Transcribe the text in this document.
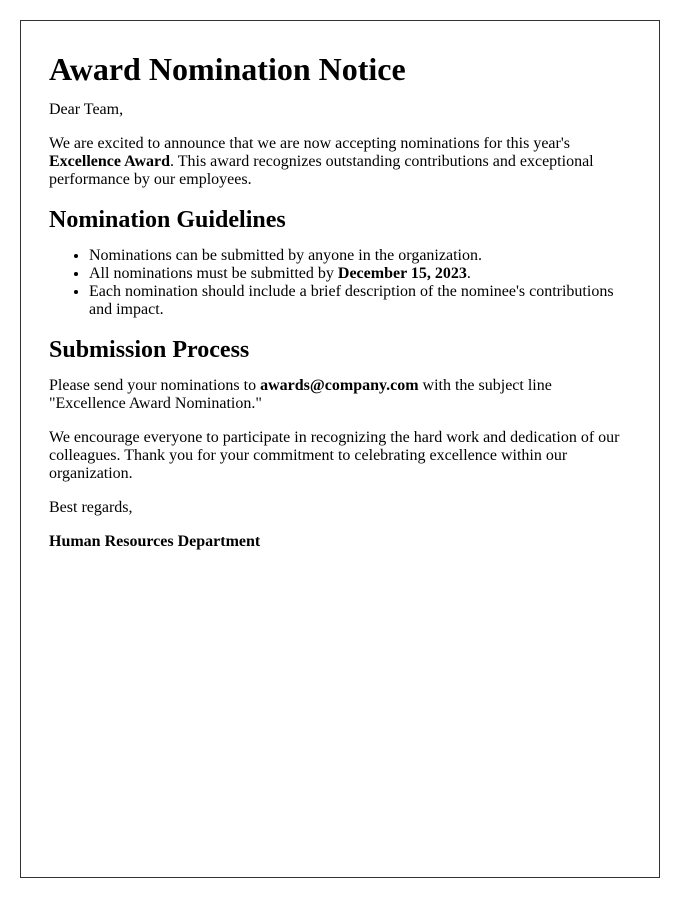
Award Nomination Notice

Dear Team,

We are excited to announce that we are now accepting nominations for this year's Excellence Award. This award recognizes outstanding contributions and exceptional performance by our employees.

Nomination Guidelines
• Nominations can be submitted by anyone in the organization.
• All nominations must be submitted by December 15, 2023.
• Each nomination should include a brief description of the nominee's contributions and impact.
Submission Process

Please send your nominations to awards@company.com with the subject line "Excellence Award Nomination."

We encourage everyone to participate in recognizing the hard work and dedication of our colleagues. Thank you for your commitment to celebrating excellence within our organization.

Best regards,

Human Resources Department
